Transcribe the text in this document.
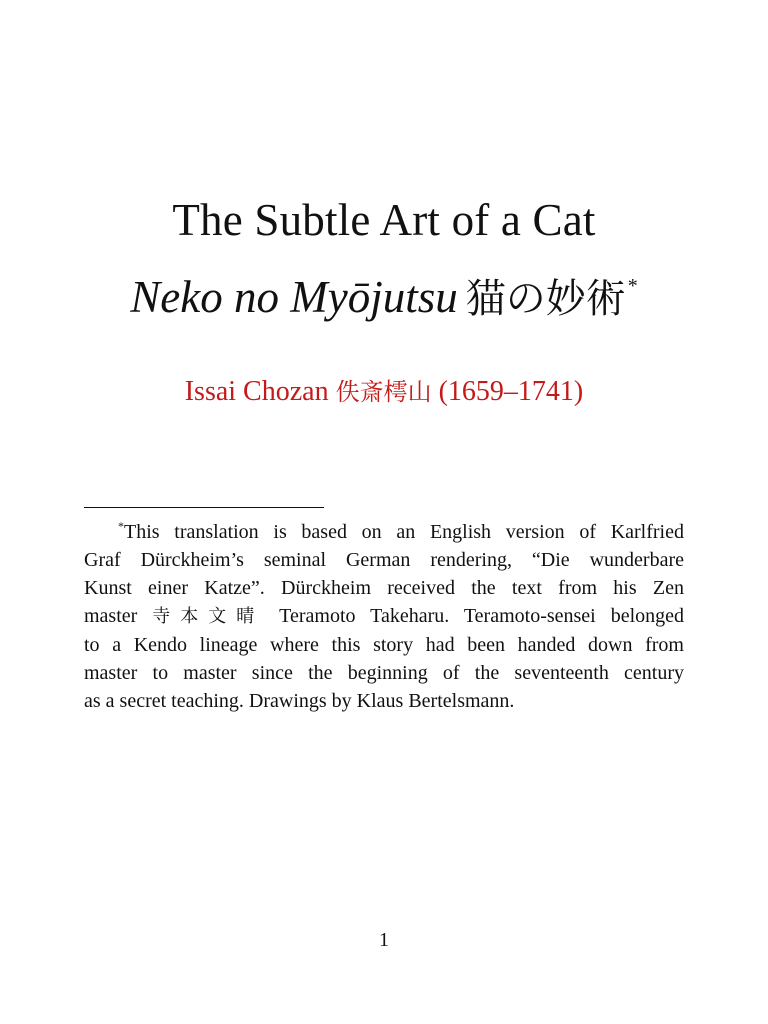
The Subtle Art of a Cat
Neko no Myōjutsu 猫の妙術 *
Issai Chozan 佚斎樗山 (1659–1741)
*This translation is based on an English version of Karlfried
Graf Dürckheim’s seminal German rendering, “Die wunderbare
Kunst einer Katze”. Dürckheim received the text from his Zen
master 寺本文晴 Teramoto Takeharu. Teramoto-sensei belonged
to a Kendo lineage where this story had been handed down from
master to master since the beginning of the seventeenth century
as a secret teaching. Drawings by Klaus Bertelsmann.
1
